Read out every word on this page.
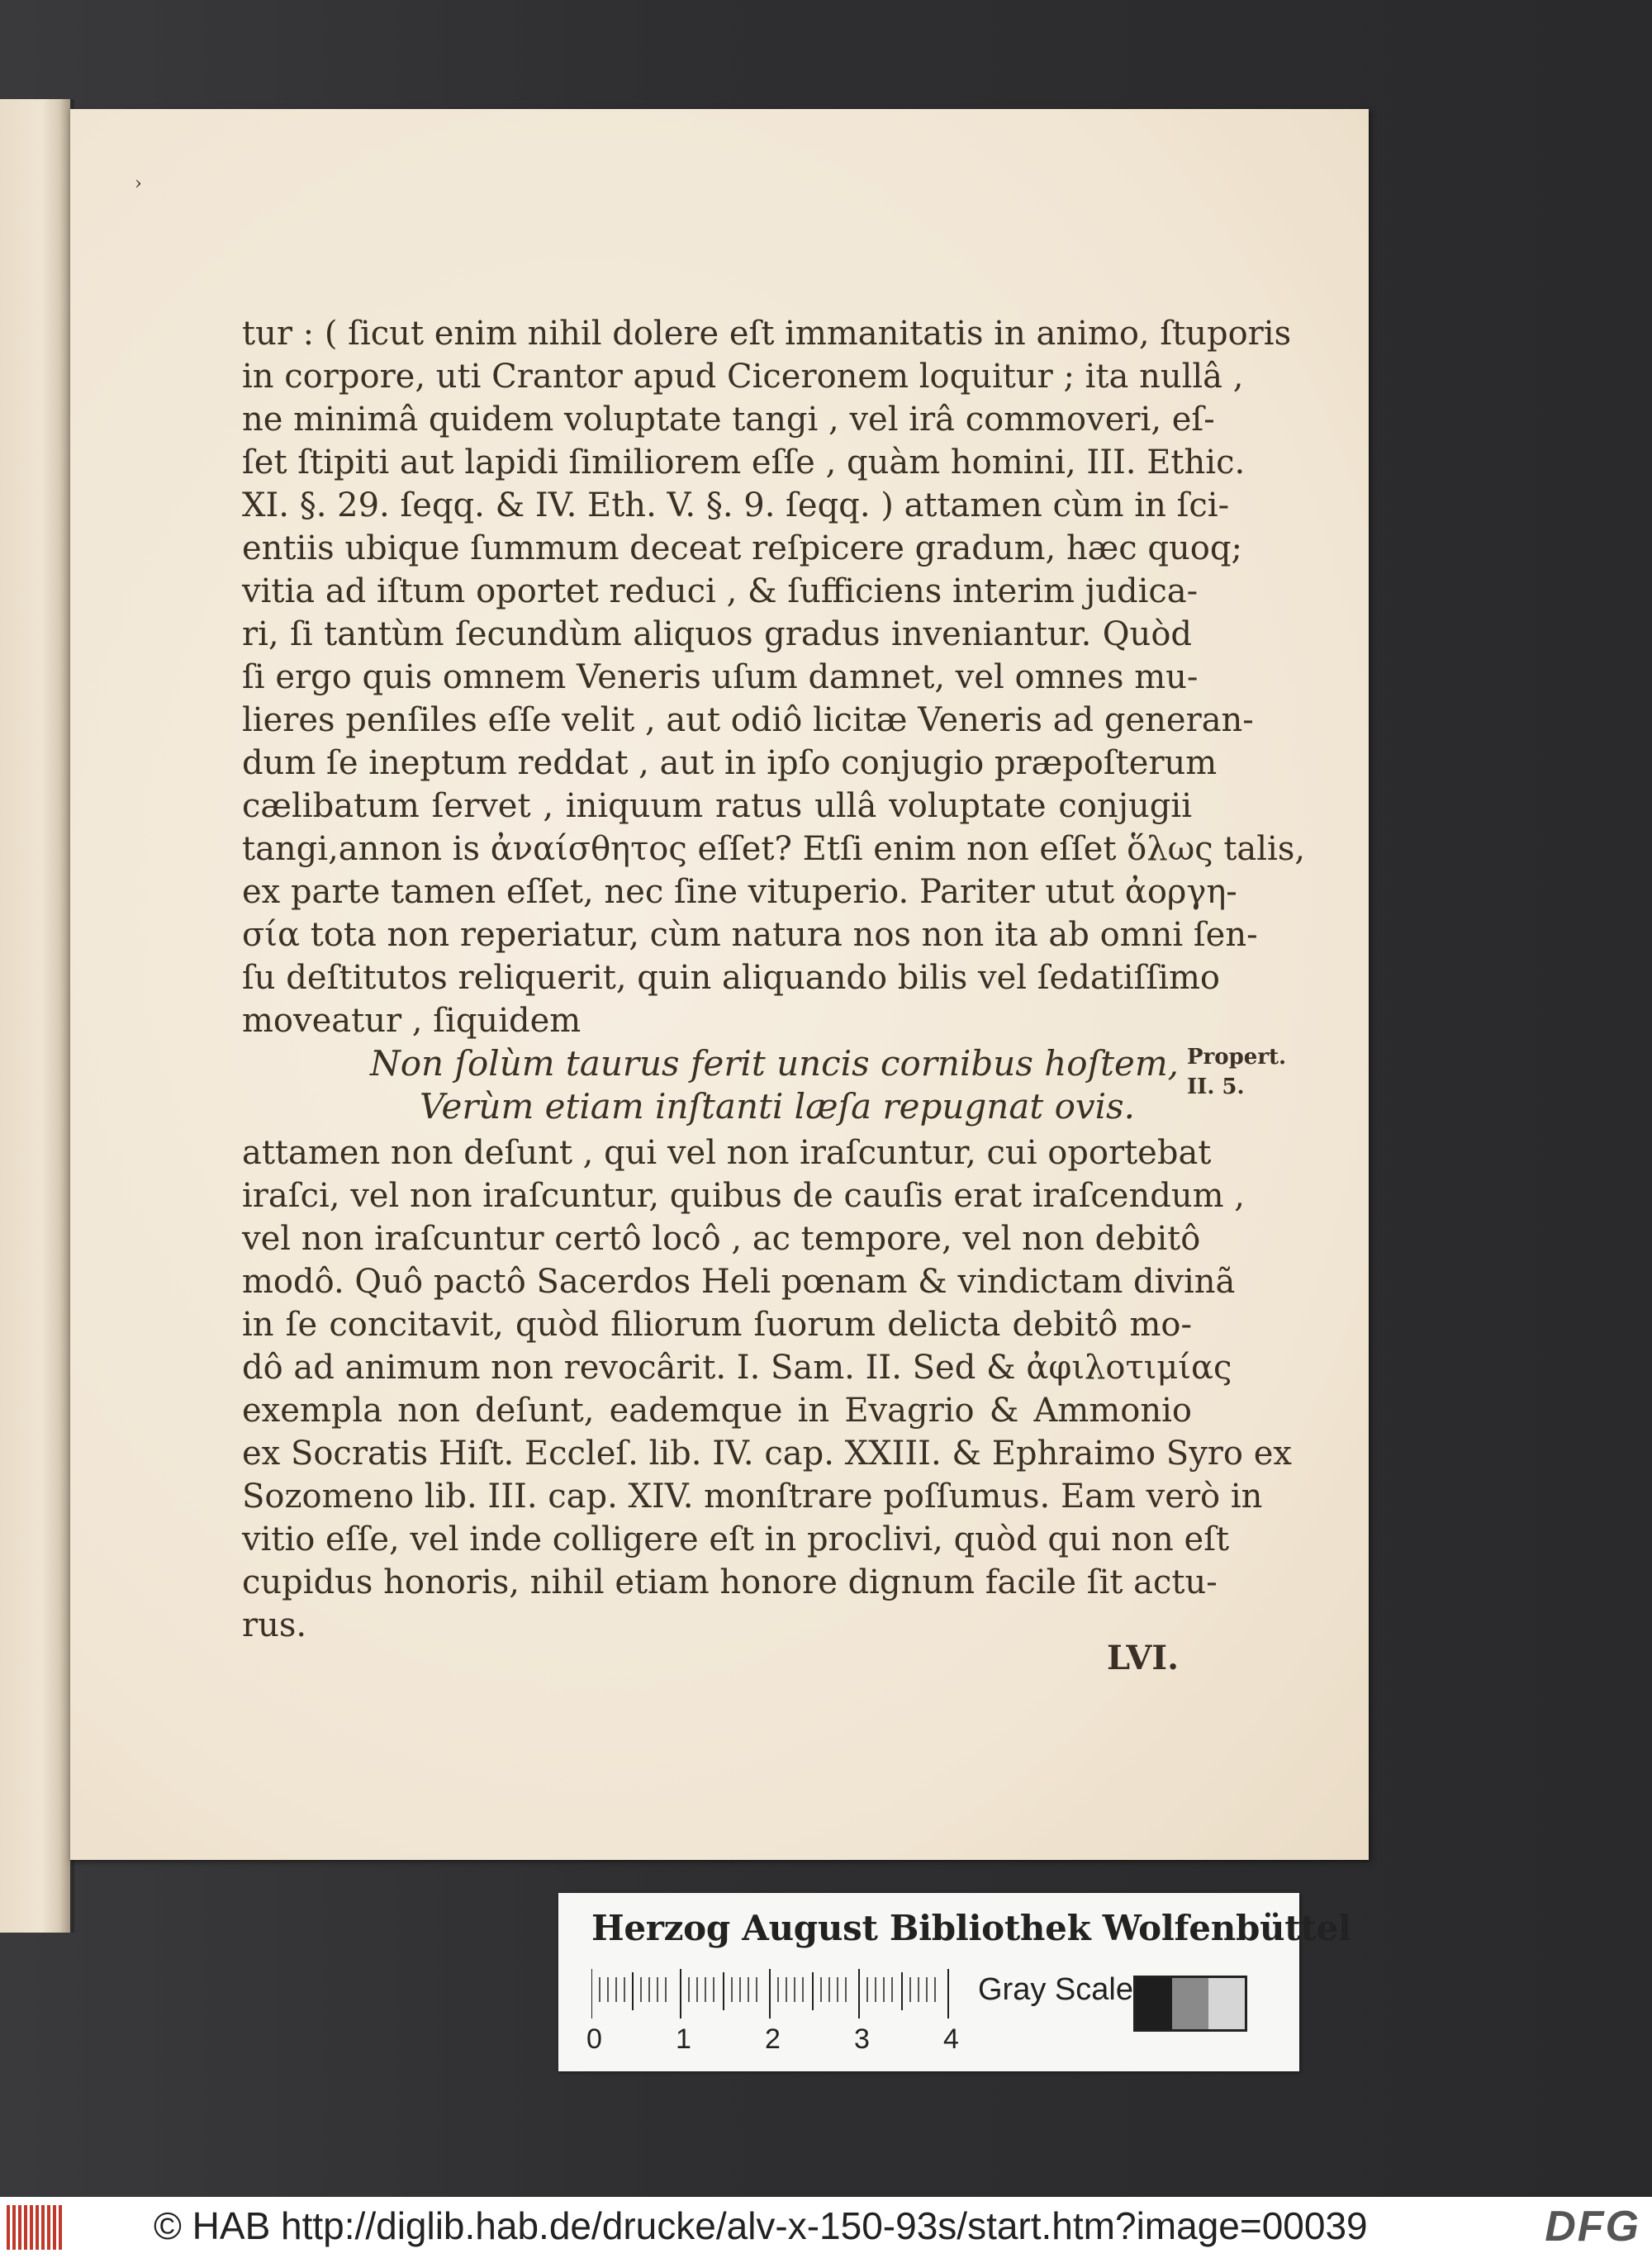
›
tur : ( ſicut enim nihil dolere eſt immanitatis in animo, ſtuporis
in corpore, uti Crantor apud Ciceronem loquitur ; ita nullâ ,
ne minimâ quidem voluptate tangi , vel irâ commoveri, eſ-
ſet ſtipiti aut lapidi ſimiliorem eſſe , quàm homini, III. Ethic.
XI. §. 29. ſeqq. & IV. Eth. V. §. 9. ſeqq. ) attamen cùm in ſci-
entiis ubique ſummum deceat reſpicere gradum, hæc quoq;
vitia ad iſtum oportet reduci , & ſufficiens interim judica-
ri, ſi tantùm ſecundùm aliquos gradus inveniantur. Quòd
ſi ergo quis omnem Veneris uſum damnet, vel omnes mu-
lieres penſiles eſſe velit , aut odiô licitæ Veneris ad generan-
dum ſe ineptum reddat , aut in ipſo conjugio præpoſterum
cælibatum ſervet , iniquum ratus ullâ voluptate conjugii
tangi,annon is ἀναίσθητος eſſet? Etſi enim non eſſet ὅλως talis,
ex parte tamen eſſet, nec ſine vituperio. Pariter utut ἀοργη-
σία tota non reperiatur, cùm natura nos non ita ab omni ſen-
ſu deſtitutos reliquerit, quin aliquando bilis vel ſedatiſſimo
moveatur , ſiquidem
Non ſolùm taurus ferit uncis cornibus hoſtem,
Verùm etiam inſtanti læſa repugnat ovis.
attamen non deſunt , qui vel non iraſcuntur, cui oportebat
iraſci, vel non iraſcuntur, quibus de cauſis erat iraſcendum ,
vel non iraſcuntur certô locô , ac tempore, vel non debitô
modô. Quô pactô Sacerdos Heli pœnam & vindictam divinã
in ſe concitavit, quòd filiorum ſuorum delicta debitô mo-
dô ad animum non revocârit. I. Sam. II. Sed & ἀφιλοτιμίας
exempla non deſunt, eademque in Evagrio & Ammonio
ex Socratis Hiſt. Eccleſ. lib. IV. cap. XXIII. & Ephraimo Syro ex
Sozomeno lib. III. cap. XIV. monſtrare poſſumus. Eam verò in
vitio eſſe, vel inde colligere eſt in proclivi, quòd qui non eſt
cupidus honoris, nihil etiam honore dignum facile ſit actu-
rus.
Propert.
II. 5.
LVI.
Herzog August Bibliothek Wolfenbüttel
0	1	2	3	4
Gray Scale
© HAB http://diglib.hab.de/drucke/alv-x-150-93s/start.htm?image=00039	DFG
